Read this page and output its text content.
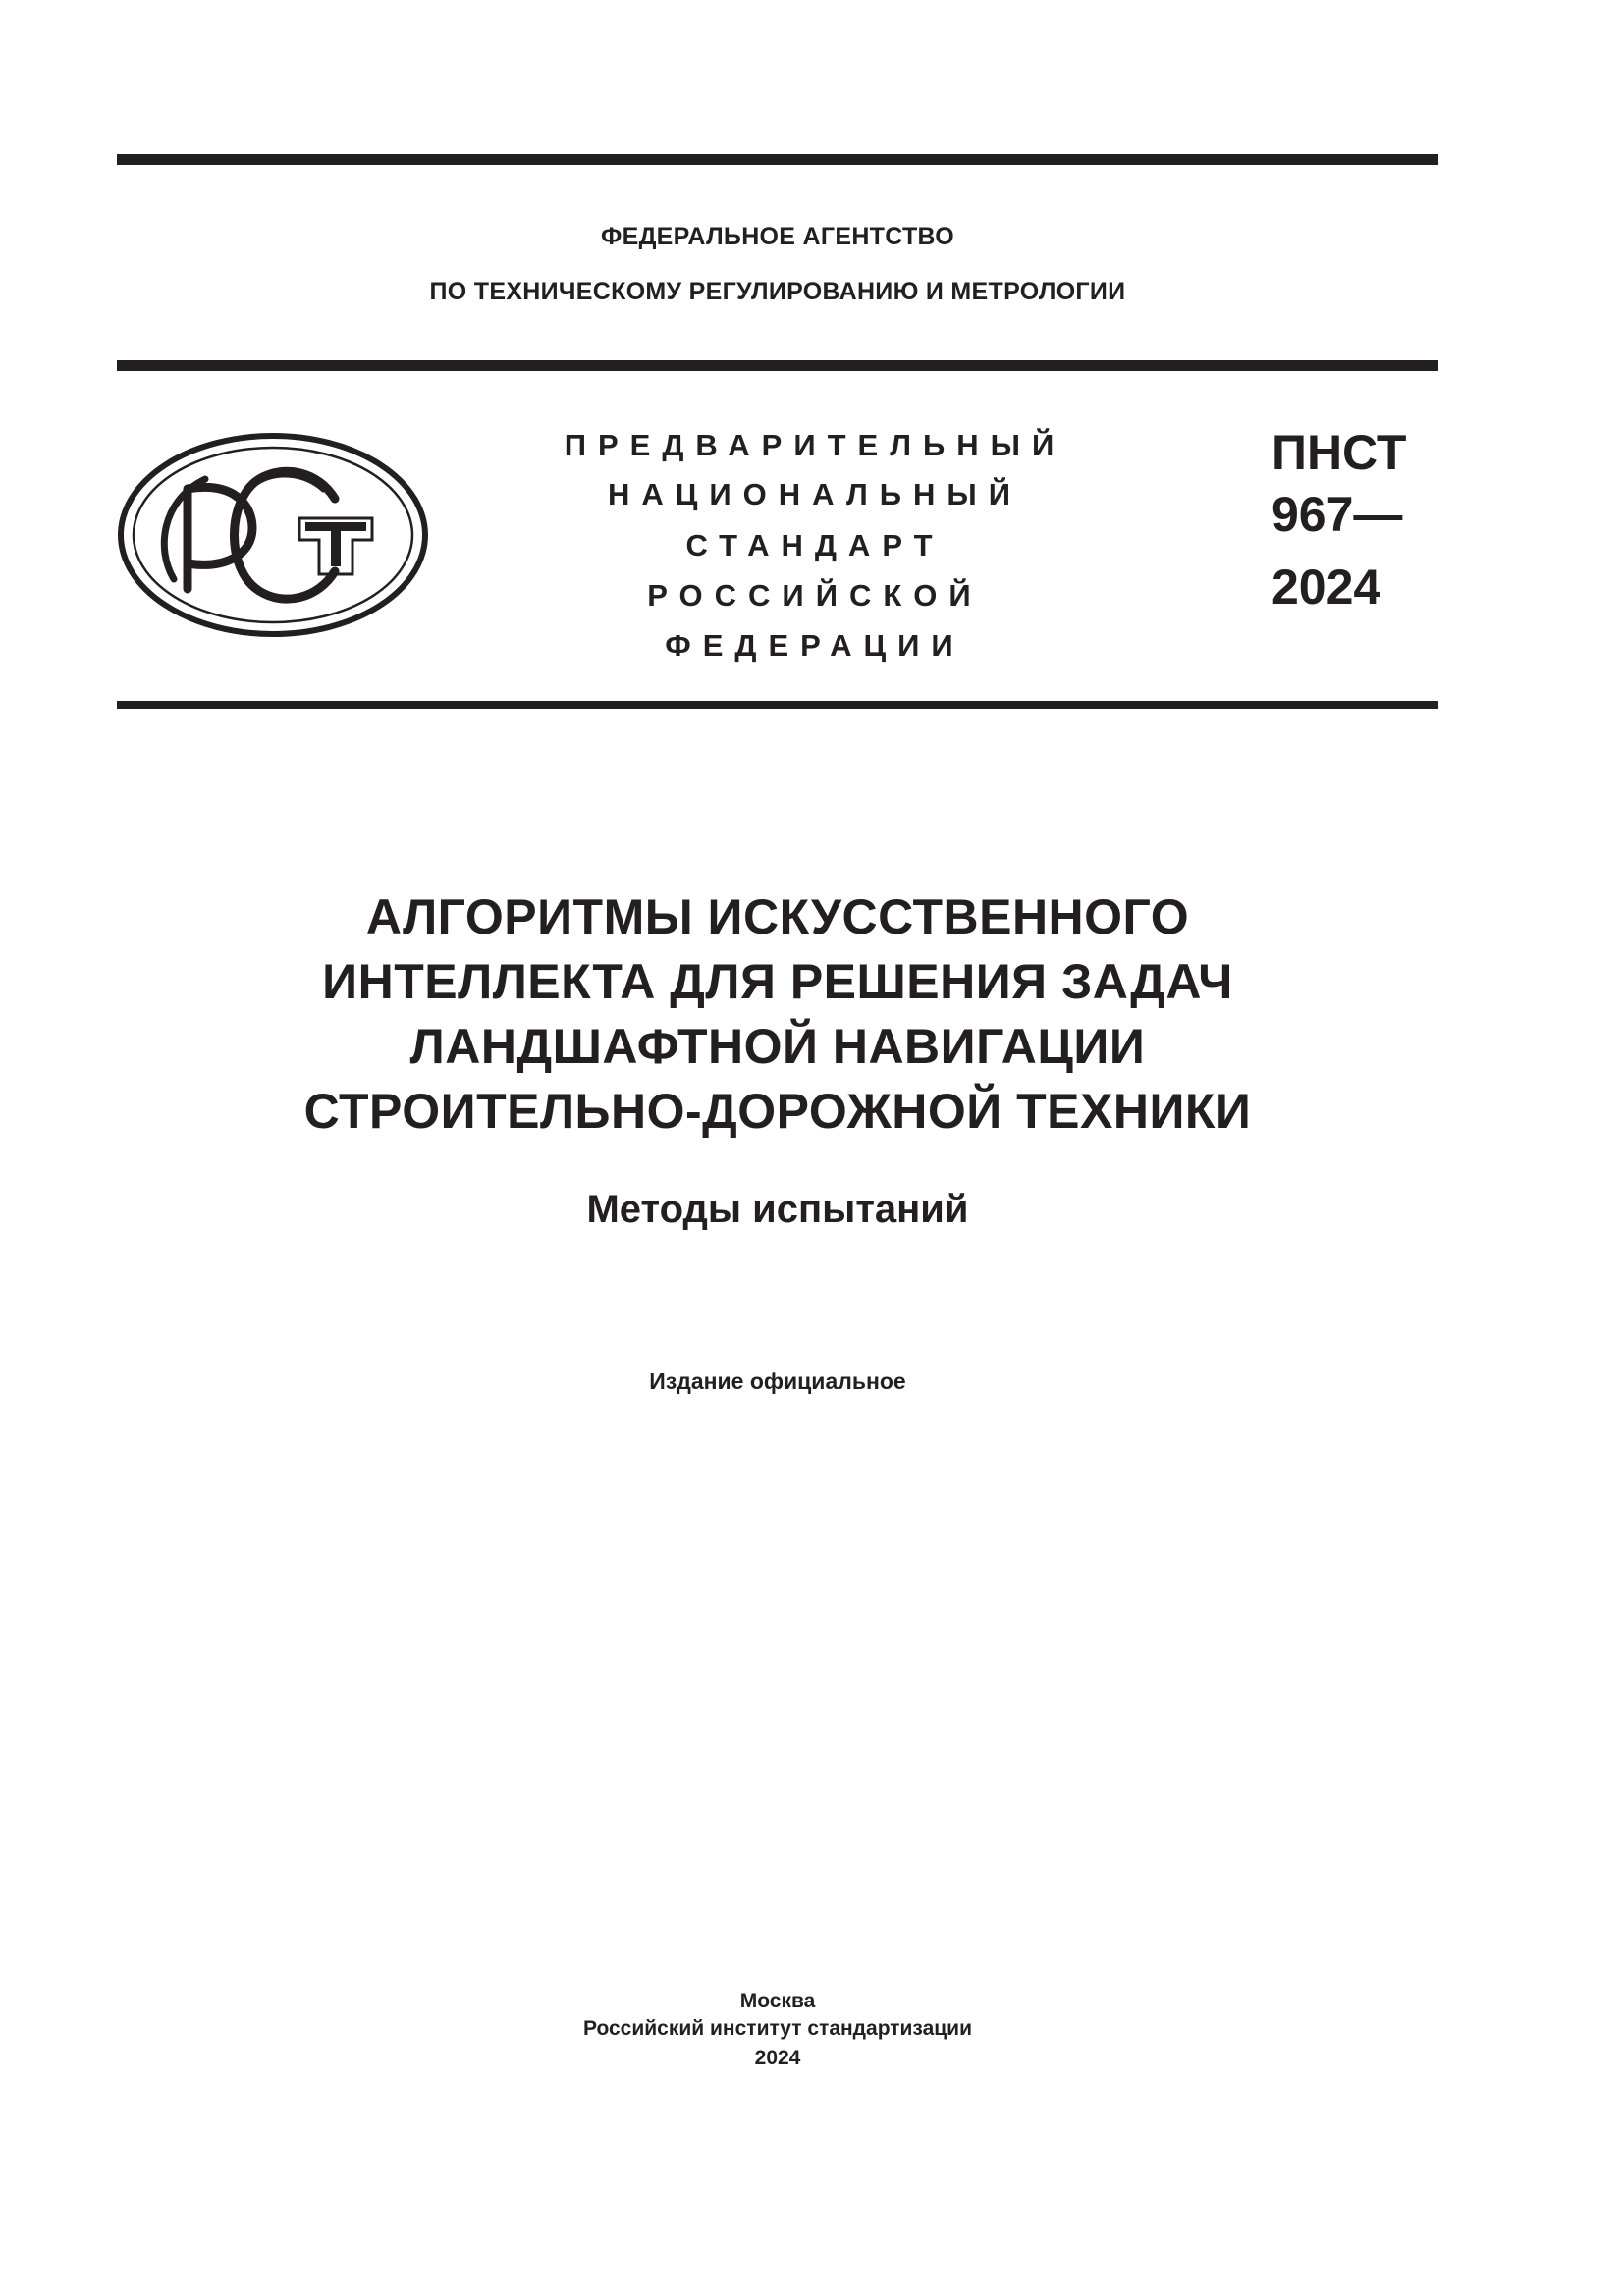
ФЕДЕРАЛЬНОЕ АГЕНТСТВО
ПО ТЕХНИЧЕСКОМУ РЕГУЛИРОВАНИЮ И МЕТРОЛОГИИ
ПРЕДВАРИТЕЛЬНЫЙ
НАЦИОНАЛЬНЫЙ
СТАНДАРТ
РОССИЙСКОЙ
ФЕДЕРАЦИИ
ПНСТ
967—
2024
АЛГОРИТМЫ ИСКУССТВЕННОГО
ИНТЕЛЛЕКТА ДЛЯ РЕШЕНИЯ ЗАДАЧ
ЛАНДШАФТНОЙ НАВИГАЦИИ
СТРОИТЕЛЬНО-ДОРОЖНОЙ ТЕХНИКИ
Методы испытаний
Издание официальное
Москва
Российский институт стандартизации
2024
